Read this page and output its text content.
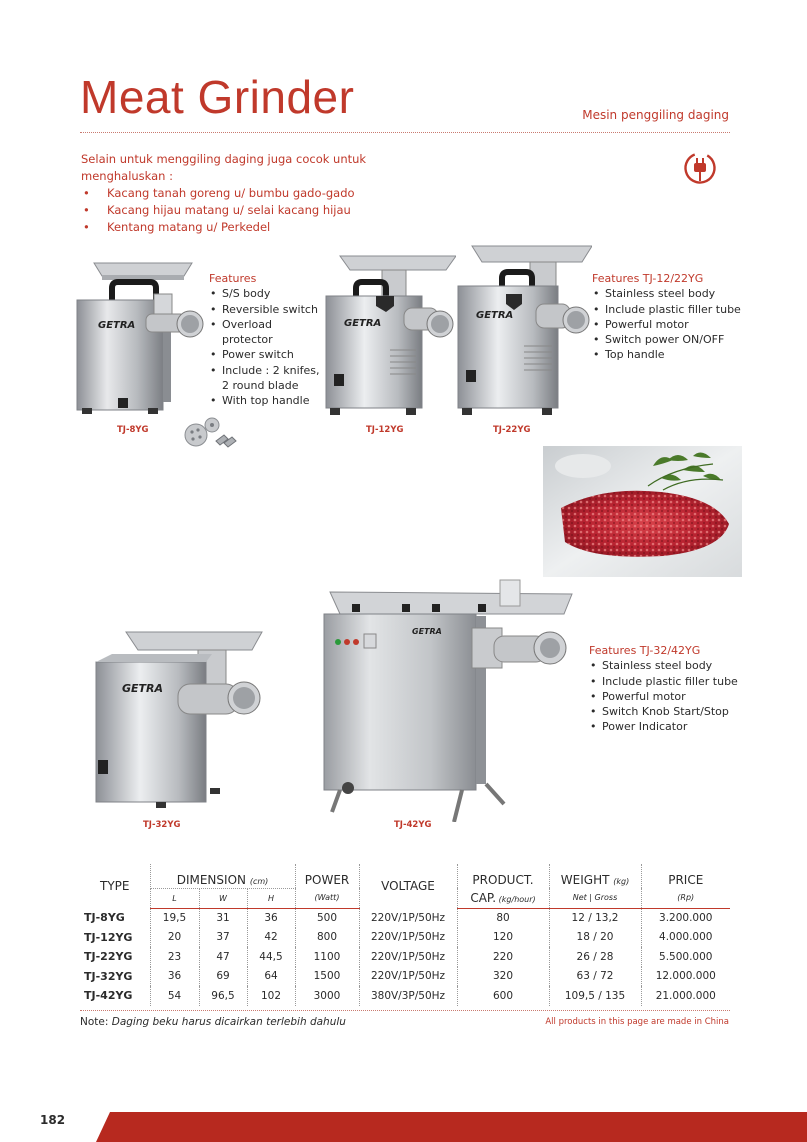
Meat Grinder	Mesin penggiling daging
Selain untuk menggiling daging juga cocok untuk menghaluskan :
• Kacang tanah goreng u/ bumbu gado-gado
• Kacang hijau matang u/ selai kacang hijau
• Kentang matang u/ Perkedel
GETRA
TJ-8YG
Features
• S/S body
• Reversible switch
• Overload protector
• Power switch
• Include : 2 knifes, 2 round blade
• With top handle
GETRA
TJ-12YG
GETRA
TJ-22YG
Features TJ-12/22YG
• Stainless steel body
• Include plastic filler tube
• Powerful motor
• Switch power ON/OFF
• Top handle
GETRA
TJ-32YG
GETRA
TJ-42YG
Features TJ-32/42YG
• Stainless steel body
• Include plastic filler tube
• Powerful motor
• Switch Knob Start/Stop
• Power Indicator
TYPE	DIMENSION (cm)			POWER	VOLTAGE	PRODUCT.	WEIGHT (kg)	PRICE
	L	W	H	(Watt)		CAP. (kg/hour)	Net | Gross	(Rp)
TJ-8YG	19,5	31	36	500	220V/1P/50Hz	80	12 / 13,2	3.200.000
TJ-12YG	20	37	42	800	220V/1P/50Hz	120	18 / 20	4.000.000
TJ-22YG	23	47	44,5	1100	220V/1P/50Hz	220	26 / 28	5.500.000
TJ-32YG	36	69	64	1500	220V/1P/50Hz	320	63 / 72	12.000.000
TJ-42YG	54	96,5	102	3000	380V/3P/50Hz	600	109,5 / 135	21.000.000
Note: Daging beku harus dicairkan terlebih dahulu	All products in this page are made in China
182
